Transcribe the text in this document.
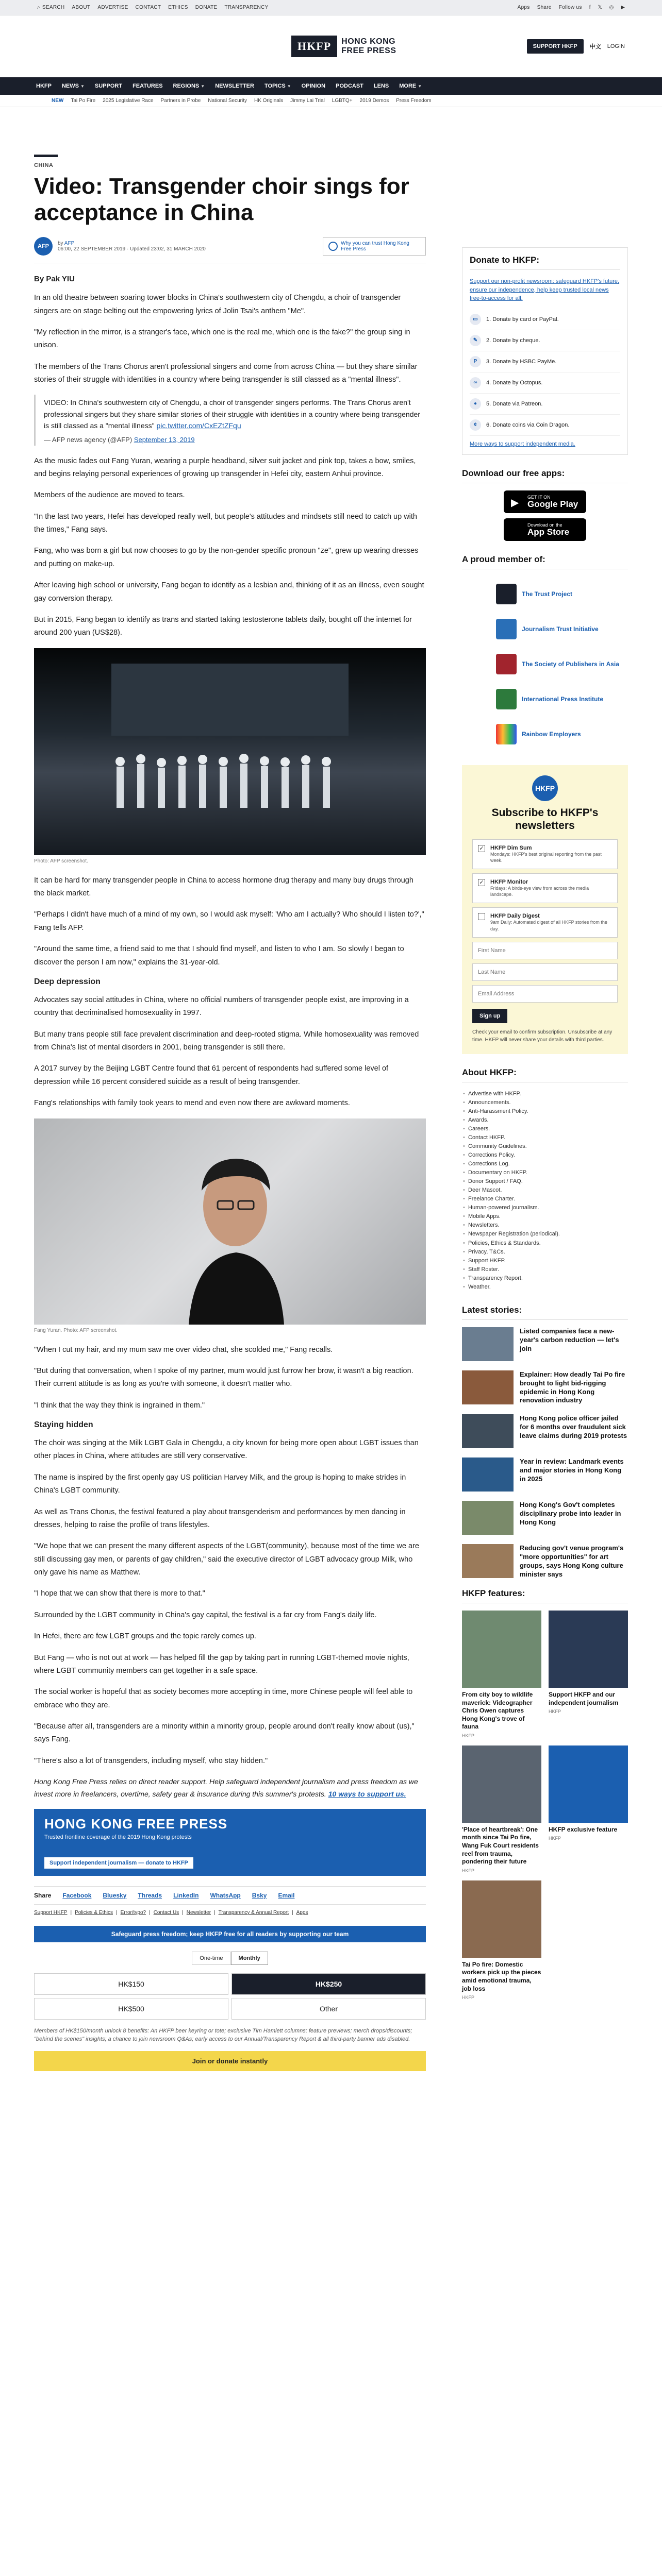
⌕ SEARCH ABOUT ADVERTISE CONTACT ETHICS DONATE TRANSPARENCY	Apps Share Follow us f 𝕏 ◎ ▶
HKFP	HONG KONG
FREE PRESS	SUPPORT HKFP	中文 LOGIN
HKFP NEWS ▼ SUPPORT FEATURES REGIONS ▼ NEWSLETTER TOPICS ▼ OPINION PODCAST LENS MORE ▼
NEW Tai Po Fire 2025 Legislative Race Partners in Probe National Security HK Originals Jimmy Lai Trial LGBTQ+ 2019 Demos Press Freedom
CHINA
Video: Transgender choir sings for acceptance in China
AFP	by AFP
06:00, 22 SEPTEMBER 2019 · Updated 23:02, 31 MARCH 2020
Why you can trust Hong Kong Free Press
By Pak YIU

In an old theatre between soaring tower blocks in China's southwestern city of Chengdu, a choir of transgender singers are on stage belting out the empowering lyrics of Jolin Tsai's anthem "Me".

"My reflection in the mirror, is a stranger's face, which one is the real me, which one is the fake?" the group sing in unison.

The members of the Trans Chorus aren't professional singers and come from across China — but they share similar stories of their struggle with identities in a country where being transgender is still classed as a "mental illness".

VIDEO: In China's southwestern city of Chengdu, a choir of transgender singers performs. The Trans Chorus aren't professional singers but they share similar stories of their struggle with identities in a country where being transgender is still classed as a "mental illness" pic.twitter.com/CxEZtZFqu

— AFP news agency (@AFP) September 13, 2019

As the music fades out Fang Yuran, wearing a purple headband, silver suit jacket and pink top, takes a bow, smiles, and begins relaying personal experiences of growing up transgender in Hefei city, eastern Anhui province.

Members of the audience are moved to tears.

"In the last two years, Hefei has developed really well, but people's attitudes and mindsets still need to catch up with the times," Fang says.

Fang, who was born a girl but now chooses to go by the non-gender specific pronoun "ze", grew up wearing dresses and putting on make-up.

After leaving high school or university, Fang began to identify as a lesbian and, thinking of it as an illness, even sought gay conversion therapy.

But in 2015, Fang began to identify as trans and started taking testosterone tablets daily, bought off the internet for around 200 yuan (US$28).

Photo: AFP screenshot.

It can be hard for many transgender people in China to access hormone drug therapy and many buy drugs through the black market.

"Perhaps I didn't have much of a mind of my own, so I would ask myself: 'Who am I actually? Who should I listen to?'," Fang tells AFP.

"Around the same time, a friend said to me that I should find myself, and listen to who I am. So slowly I began to discover the person I am now," explains the 31-year-old.

Deep depression

Advocates say social attitudes in China, where no official numbers of transgender people exist, are improving in a country that decriminalised homosexuality in 1997.

But many trans people still face prevalent discrimination and deep-rooted stigma. While homosexuality was removed from China's list of mental disorders in 2001, being transgender is still there.

A 2017 survey by the Beijing LGBT Centre found that 61 percent of respondents had suffered some level of depression while 16 percent considered suicide as a result of being transgender.

Fang's relationships with family took years to mend and even now there are awkward moments.

Fang Yuran. Photo: AFP screenshot.

"When I cut my hair, and my mum saw me over video chat, she scolded me," Fang recalls.

"But during that conversation, when I spoke of my partner, mum would just furrow her brow, it wasn't a big reaction. Their current attitude is as long as you're with someone, it doesn't matter who.

"I think that the way they think is ingrained in them."

Staying hidden

The choir was singing at the Milk LGBT Gala in Chengdu, a city known for being more open about LGBT issues than other places in China, where attitudes are still very conservative.

The name is inspired by the first openly gay US politician Harvey Milk, and the group is hoping to make strides in China's LGBT community.

As well as Trans Chorus, the festival featured a play about transgenderism and performances by men dancing in dresses, helping to raise the profile of trans lifestyles.

"We hope that we can present the many different aspects of the LGBT(community), because most of the time we are still discussing gay men, or parents of gay children," said the executive director of LGBT advocacy group Milk, who only gave his name as Matthew.

"I hope that we can show that there is more to that."

Surrounded by the LGBT community in China's gay capital, the festival is a far cry from Fang's daily life.

In Hefei, there are few LGBT groups and the topic rarely comes up.

But Fang — who is not out at work — has helped fill the gap by taking part in running LGBT-themed movie nights, where LGBT community members can get together in a safe space.

The social worker is hopeful that as society becomes more accepting in time, more Chinese people will feel able to embrace who they are.

"Because after all, transgenders are a minority within a minority group, people around don't really know about (us)," says Fang.

"There's also a lot of transgenders, including myself, who stay hidden."

Hong Kong Free Press relies on direct reader support. Help safeguard independent journalism and press freedom as we invest more in freelancers, overtime, safety gear & insurance during this summer's protests. 10 ways to support us.

HONG KONG FREE PRESS
Trusted frontline coverage of the 2019 Hong Kong protests
Support independent journalism — donate to HKFP
Share Facebook Bluesky Threads LinkedIn WhatsApp Bsky Email
Support HKFP | Policies & Ethics | Error/typo? | Contact Us | Newsletter | Transparency & Annual Report | Apps
Safeguard press freedom; keep HKFP free for all readers by supporting our team
One-time	Monthly
HK$150	HK$250
HK$500	Other
Members of HK$150/month unlock 8 benefits: An HKFP beer keyring or tote; exclusive Tim Hamlett columns; feature previews; merch drops/discounts; "behind the scenes" insights; a chance to join newsroom Q&As; early access to our Annual/Transparency Report & all third-party banner ads disabled.
Join or donate instantly
Donate to HKFP:
Support our non-profit newsroom: safeguard HKFP's future, ensure our independence, help keep trusted local news free-to-access for all.
▭	1. Donate by card or PayPal.
✎	2. Donate by cheque.
P	3. Donate by HSBC PayMe.
∞	4. Donate by Octopus.
●	5. Donate via Patreon.
¢	6. Donate coins via Coin Dragon.
More ways to support independent media.
Download our free apps:
▶ GET IT ON
Google Play
Download on the
App Store
A proud member of:
The Trust Project
Journalism Trust Initiative
The Society of Publishers in Asia
International Press Institute
Rainbow Employers
HKFP
Subscribe to HKFP's newsletters
✓ HKFP Dim Sum
Mondays: HKFP's best original reporting from the past week.
✓ HKFP Monitor
Fridays: A birds-eye view from across the media landscape.
HKFP Daily Digest
9am Daily: Automated digest of all HKFP stories from the day.
First Name Last Name Email Address Sign up
Check your email to confirm subscription. Unsubscribe at any time. HKFP will never share your details with third parties.
About HKFP:
• Advertise with HKFP.
• Announcements.
• Anti-Harassment Policy.
• Awards.
• Careers.
• Contact HKFP.
• Community Guidelines.
• Corrections Policy.
• Corrections Log.
• Documentary on HKFP.
• Donor Support / FAQ.
• Deer Mascot.
• Freelance Charter.
• Human-powered journalism.
• Mobile Apps.
• Newsletters.
• Newspaper Registration (periodical).
• Policies, Ethics & Standards.
• Privacy, T&Cs.
• Support HKFP.
• Staff Roster.
• Transparency Report.
• Weather.
Latest stories:
Listed companies face a new-year's carbon reduction — let's join
Explainer: How deadly Tai Po fire brought to light bid-rigging epidemic in Hong Kong renovation industry
Hong Kong police officer jailed for 6 months over fraudulent sick leave claims during 2019 protests
Year in review: Landmark events and major stories in Hong Kong in 2025
Hong Kong's Gov't completes disciplinary probe into leader in Hong Kong
Reducing gov't venue program's "more opportunities" for art groups, says Hong Kong culture minister says
HKFP features:
From city boy to wildlife maverick: Videographer Chris Owen captures Hong Kong's trove of fauna
HKFP
Support HKFP and our independent journalism
HKFP
'Place of heartbreak': One month since Tai Po fire, Wang Fuk Court residents reel from trauma, pondering their future
HKFP
HKFP exclusive feature
HKFP
Tai Po fire: Domestic workers pick up the pieces amid emotional trauma, job loss
HKFP
